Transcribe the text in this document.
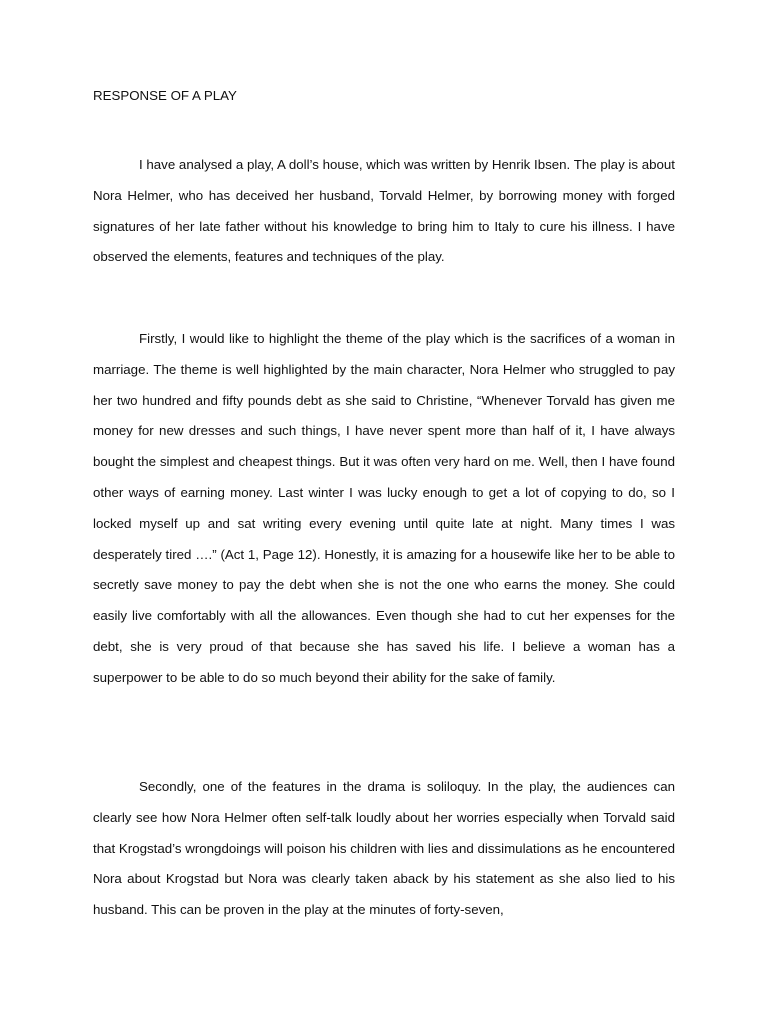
RESPONSE OF A PLAY

I have analysed a play, A doll’s house, which was written by Henrik Ibsen. The play is about Nora Helmer, who has deceived her husband, Torvald Helmer, by borrowing money with forged signatures of her late father without his knowledge to bring him to Italy to cure his illness. I have observed the elements, features and techniques of the play.

Firstly, I would like to highlight the theme of the play which is the sacrifices of a woman in marriage. The theme is well highlighted by the main character, Nora Helmer who struggled to pay her two hundred and fifty pounds debt as she said to Christine, “Whenever Torvald has given me money for new dresses and such things, I have never spent more than half of it, I have always bought the simplest and cheapest things. But it was often very hard on me. Well, then I have found other ways of earning money. Last winter I was lucky enough to get a lot of copying to do, so I locked myself up and sat writing every evening until quite late at night. Many times I was desperately tired ….” (Act 1, Page 12). Honestly, it is amazing for a housewife like her to be able to secretly save money to pay the debt when she is not the one who earns the money. She could easily live comfortably with all the allowances. Even though she had to cut her expenses for the debt, she is very proud of that because she has saved his life. I believe a woman has a superpower to be able to do so much beyond their ability for the sake of family.

Secondly, one of the features in the drama is soliloquy. In the play, the audiences can clearly see how Nora Helmer often self-talk loudly about her worries especially when Torvald said that Krogstad’s wrongdoings will poison his children with lies and dissimulations as he encountered Nora about Krogstad but Nora was clearly taken aback by his statement as she also lied to his husband. This can be proven in the play at the minutes of forty-seven,
